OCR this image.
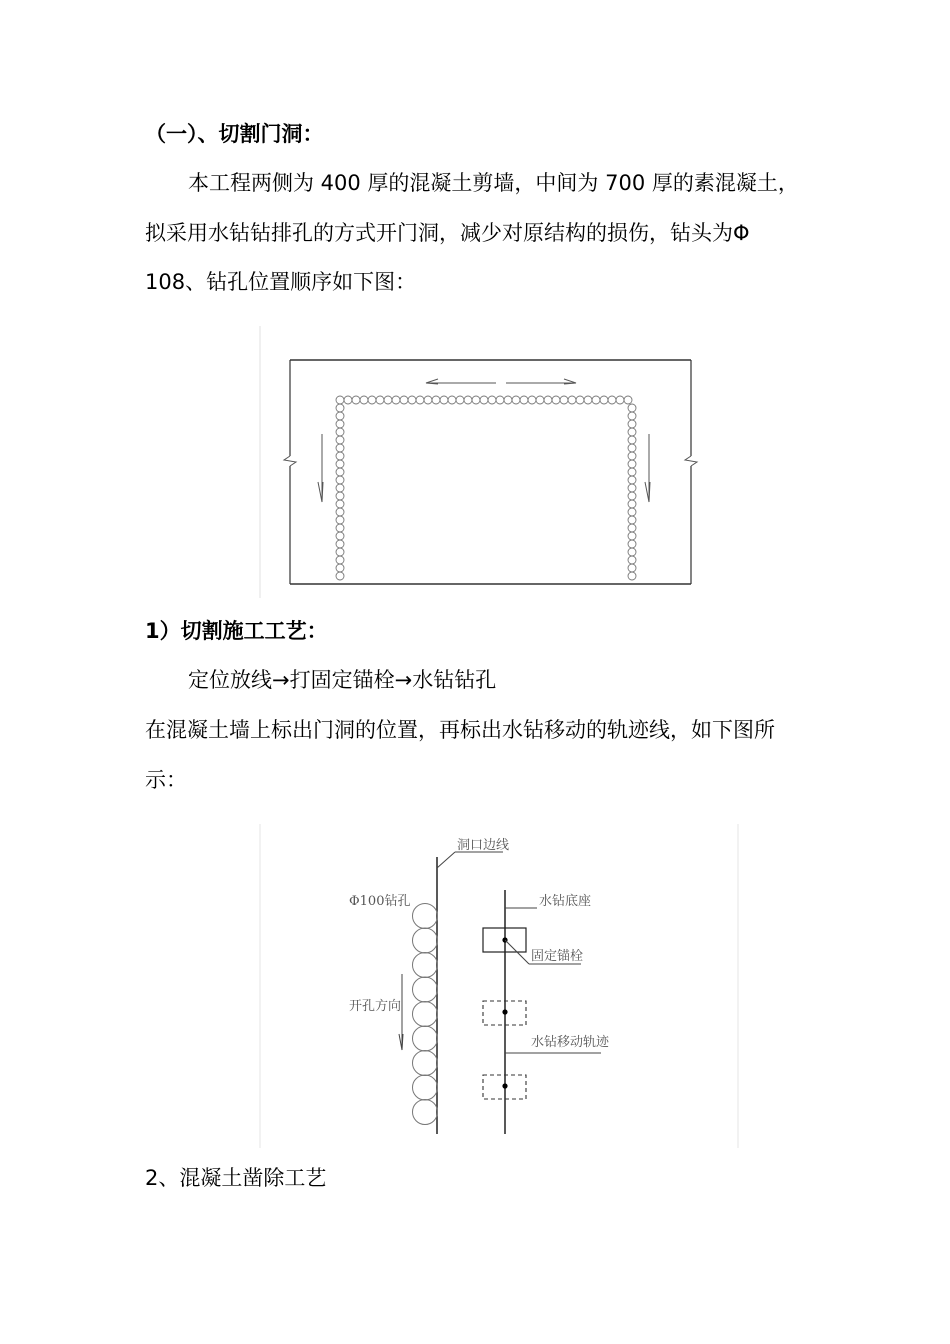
（一）、切割门洞：
本工程两侧为 400 厚的混凝土剪墙，中间为 700 厚的素混凝土，
拟采用水钻钻排孔的方式开门洞，减少对原结构的损伤，钻头为Φ
108、钻孔位置顺序如下图：
1）切割施工工艺：
定位放线→打固定锚栓→水钻钻孔
在混凝土墙上标出门洞的位置，再标出水钻移动的轨迹线，如下图所
示：
洞口边线
Φ100钻孔
开孔方向
水钻底座
固定锚栓
水钻移动轨迹
2、混凝土凿除工艺
